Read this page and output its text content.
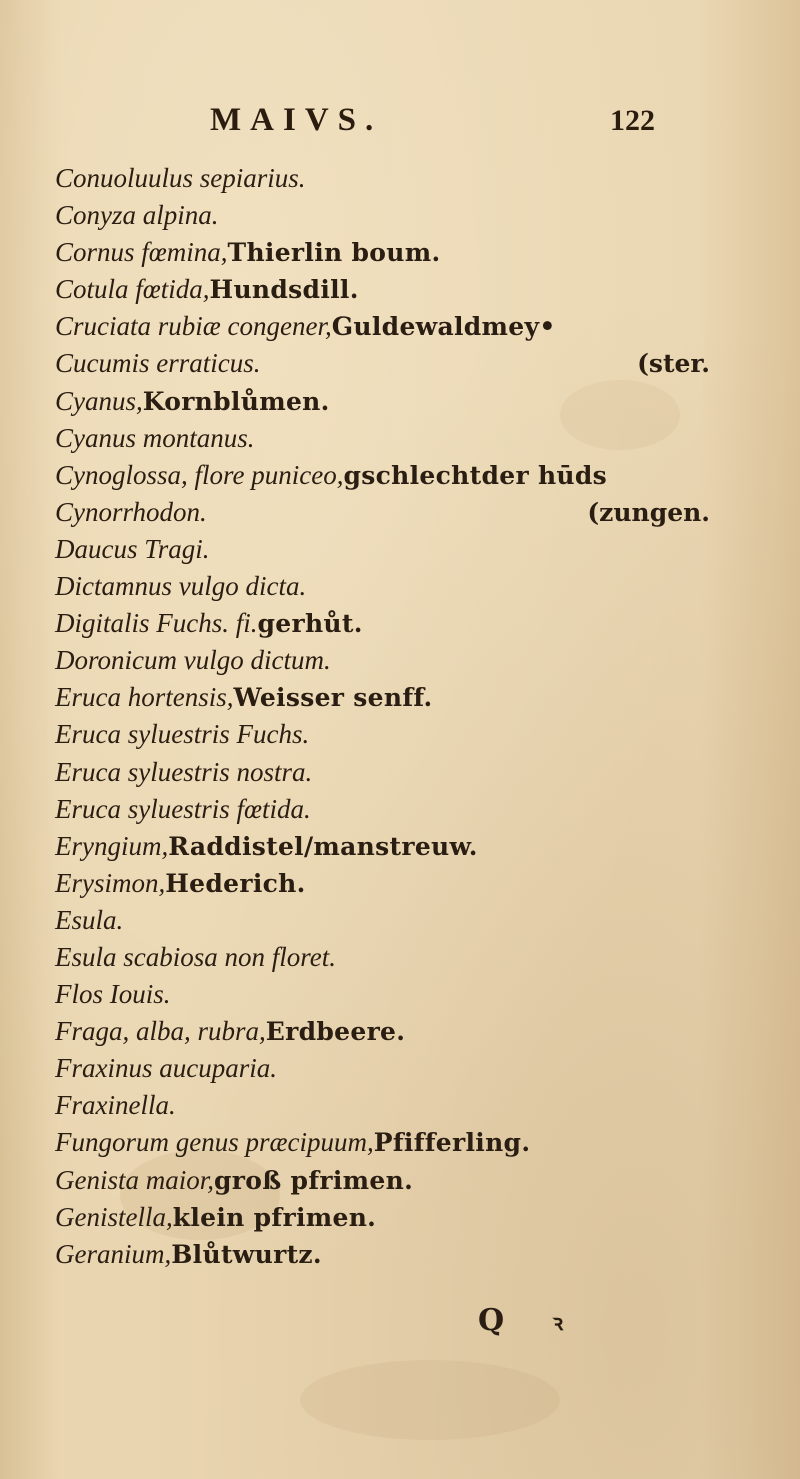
MAIVS.	122
Conuoluulus sepiarius.
Conyza alpina.
Cornus fœmina,Thierlin boum.
Cotula fœtida,Hundsdill.
Cruciata rubiæ congener,Guldewaldmey•
Cucumis erraticus.	(ster.
Cyanus,Kornblůmen.
Cyanus montanus.
Cynoglossa, flore puniceo,gschlechtder hūds
Cynorrhodon.	(zungen.
Daucus Tragi.
Dictamnus vulgo dicta.
Digitalis Fuchs. fi.gerhůt.
Doronicum vulgo dictum.
Eruca hortensis,Weisser senff.
Eruca syluestris Fuchs.
Eruca syluestris nostra.
Eruca syluestris fœtida.
Eryngium,Raddistel/manstreuw.
Erysimon,Hederich.
Esula.
Esula scabiosa non floret.
Flos Iouis.
Fraga, alba, rubra,Erdbeere.
Fraxinus aucuparia.
Fraxinella.
Fungorum genus præcipuum,Pfifferling.
Genista maior,groß pfrimen.
Genistella,klein pfrimen.
Geranium,Blůtwurtz.
Q ꝛ
